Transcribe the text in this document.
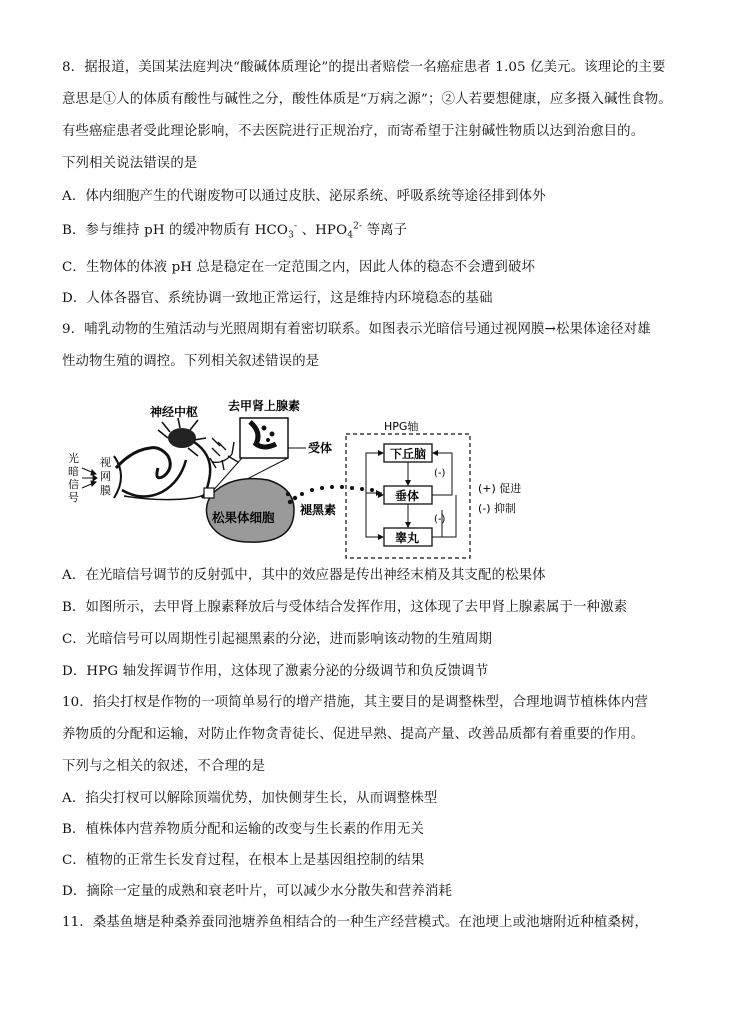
8．据报道，美国某法庭判决“酸碱体质理论”的提出者赔偿一名癌症患者 1.05 亿美元。该理论的主要
意思是①人的体质有酸性与碱性之分，酸性体质是“万病之源”；②人若要想健康，应多摄入碱性食物。
有些癌症患者受此理论影响，不去医院进行正规治疗，而寄希望于注射碱性物质以达到治愈目的。
下列相关说法错误的是
A．体内细胞产生的代谢废物可以通过皮肤、泌尿系统、呼吸系统等途径排到体外
B．参与维持 pH 的缓冲物质有 $HCO_3^-$ 、$HPO_4^{2-}$ 等离子
C．生物体的体液 pH 总是稳定在一定范围之内，因此人体的稳态不会遭到破坏
D．人体各器官、系统协调一致地正常运行，这是维持内环境稳态的基础
9．哺乳动物的生殖活动与光照周期有着密切联系。如图表示光暗信号通过视网膜→松果体途径对雄
性动物生殖的调控。下列相关叙述错误的是
光
暗
信
号
视
网
膜
神经中枢 去甲肾上腺素
受体
松果体细胞 褪黑素
HPG轴
下丘脑
垂体
睾丸
(-)
(-)
(+) 促进
(-) 抑制
A．在光暗信号调节的反射弧中，其中的效应器是传出神经末梢及其支配的松果体
B．如图所示，去甲肾上腺素释放后与受体结合发挥作用，这体现了去甲肾上腺素属于一种激素
C．光暗信号可以周期性引起褪黑素的分泌，进而影响该动物的生殖周期
D．HPG 轴发挥调节作用，这体现了激素分泌的分级调节和负反馈调节
10．掐尖打杈是作物的一项简单易行的增产措施，其主要目的是调整株型，合理地调节植株体内营
养物质的分配和运输，对防止作物贪青徒长、促进早熟、提高产量、改善品质都有着重要的作用。
下列与之相关的叙述，不合理的是
A．掐尖打杈可以解除顶端优势，加快侧芽生长，从而调整株型
B．植株体内营养物质分配和运输的改变与生长素的作用无关
C．植物的正常生长发育过程，在根本上是基因组控制的结果
D．摘除一定量的成熟和衰老叶片，可以减少水分散失和营养消耗
11．桑基鱼塘是种桑养蚕同池塘养鱼相结合的一种生产经营模式。在池埂上或池塘附近种植桑树，
